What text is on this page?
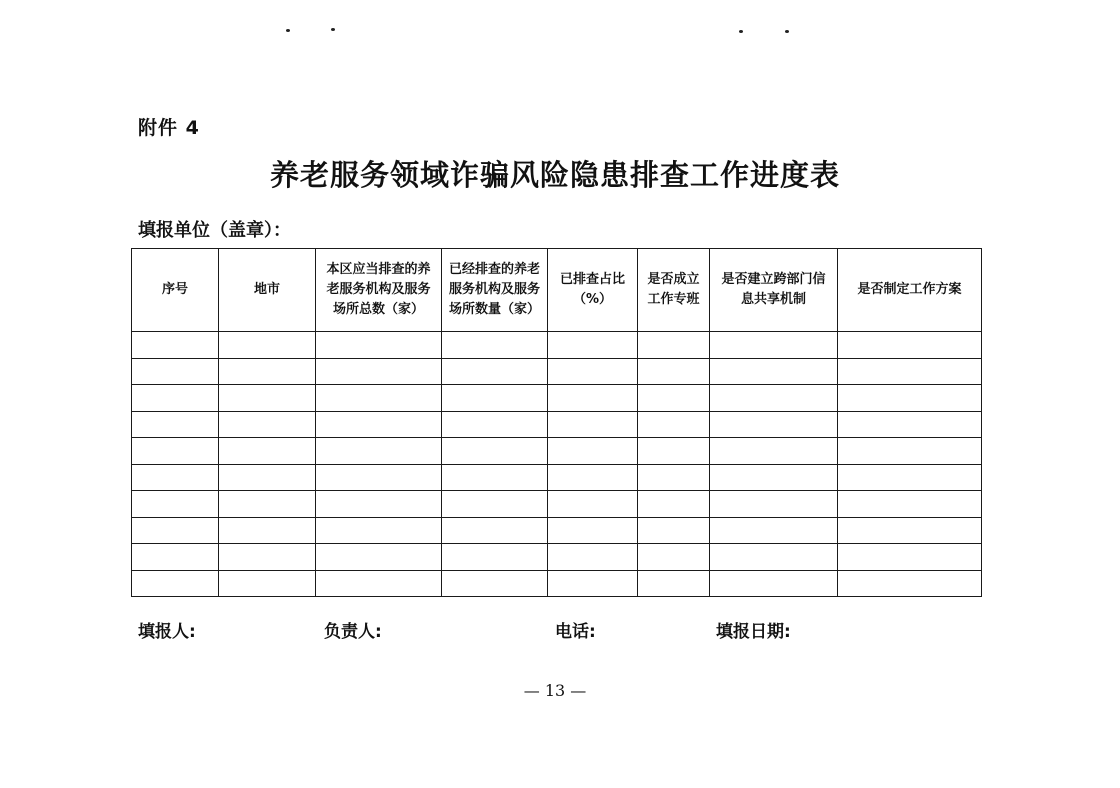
附件 4
养老服务领域诈骗风险隐患排查工作进度表
填报单位（盖章）：
序号	地市	本区应当排查的养老服务机构及服务场所总数（家）	已经排查的养老服务机构及服务场所数量（家）	已排查占比（%）	是否成立工作专班	是否建立跨部门信息共享机制	是否制定工作方案

填报人:	负责人:	电话:	填报日期:
— 13 —
